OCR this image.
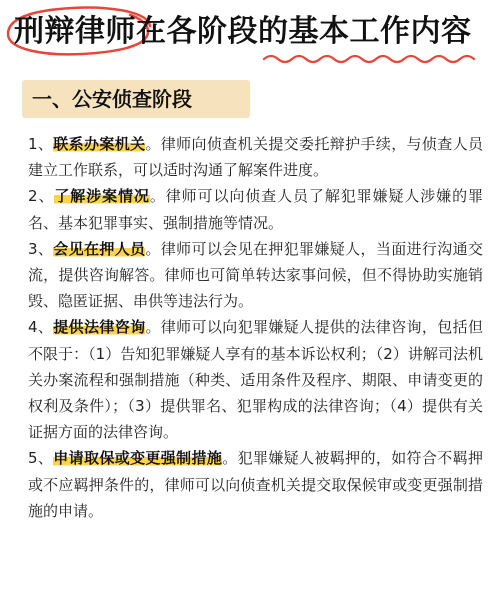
刑辩律师在各阶段的基本工作内容
一、公安侦查阶段

1、联系办案机关。律师向侦查机关提交委托辩护手续，与侦查人员建立工作联系，可以适时沟通了解案件进度。

2、了解涉案情况。律师可以向侦查人员了解犯罪嫌疑人涉嫌的罪名、基本犯罪事实、强制措施等情况。

3、会见在押人员。律师可以会见在押犯罪嫌疑人，当面进行沟通交流，提供咨询解答。律师也可简单转达家事问候，但不得协助实施销毁、隐匿证据、串供等违法行为。

4、提供法律咨询。律师可以向犯罪嫌疑人提供的法律咨询，包括但不限于：（1）告知犯罪嫌疑人享有的基本诉讼权利；（2）讲解司法机关办案流程和强制措施（种类、适用条件及程序、期限、申请变更的权利及条件）；（3）提供罪名、犯罪构成的法律咨询；（4）提供有关证据方面的法律咨询。

5、申请取保或变更强制措施。犯罪嫌疑人被羁押的，如符合不羁押或不应羁押条件的，律师可以向侦查机关提交取保候审或变更强制措施的申请。
